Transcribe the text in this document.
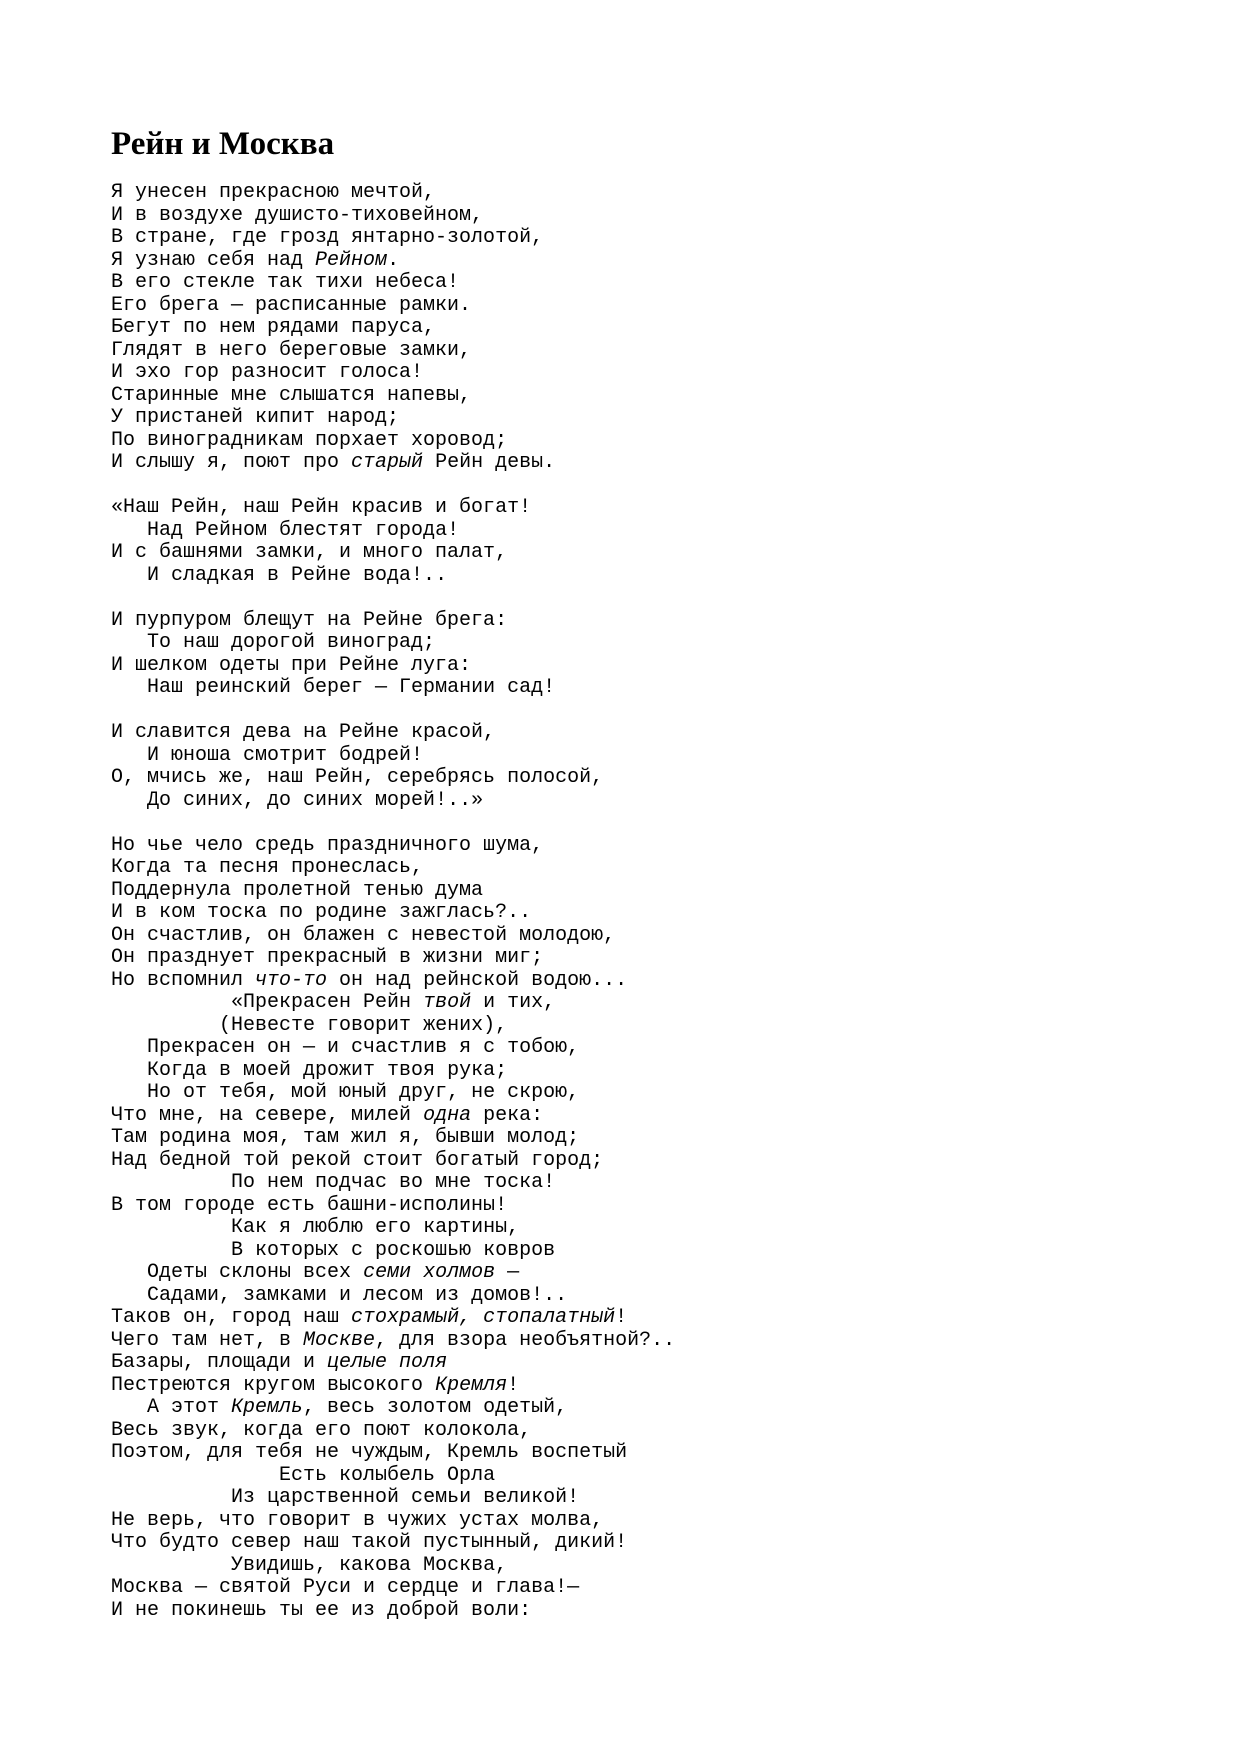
Рейн и Москва
Я унесен прекрасною мечтой,
И в воздухе душисто-тиховейном,
В стране, где грозд янтарно-золотой,
Я узнаю себя над Рейном.
В его стекле так тихи небеса!
Его брега — расписанные рамки.
Бегут по нем рядами паруса,
Глядят в него береговые замки,
И эхо гор разносит голоса!
Старинные мне слышатся напевы,
У пристаней кипит народ;
По виноградникам порхает хоровод;
И слышу я, поют про старый Рейн девы.
«Наш Рейн, наш Рейн красив и богат!
Над Рейном блестят города!
И с башнями замки, и много палат,
И сладкая в Рейне вода!..
И пурпуром блещут на Рейне брега:
То наш дорогой виноград;
И шелком одеты при Рейне луга:
Наш реинский берег — Германии сад!
И славится дева на Рейне красой,
И юноша смотрит бодрей!
О, мчись же, наш Рейн, серебрясь полосой,
До синих, до синих морей!..»
Но чье чело средь праздничного шума,
Когда та песня пронеслась,
Поддернула пролетной тенью дума
И в ком тоска по родине зажглась?..
Он счастлив, он блажен с невестой молодою,
Он празднует прекрасный в жизни миг;
Но вспомнил что-то он над рейнской водою...
«Прекрасен Рейн твой и тих,
(Невесте говорит жених),
Прекрасен он — и счастлив я с тобою,
Когда в моей дрожит твоя рука;
Но от тебя, мой юный друг, не скрою,
Что мне, на севере, милей одна река:
Там родина моя, там жил я, бывши молод;
Над бедной той рекой стоит богатый город;
По нем подчас во мне тоска!
В том городе есть башни-исполины!
Как я люблю его картины,
В которых с роскошью ковров
Одеты склоны всех семи холмов —
Садами, замками и лесом из домов!..
Таков он, город наш стохрамый, стопалатный!
Чего там нет, в Москве, для взора необъятной?..
Базары, площади и целые поля
Пестреются кругом высокого Кремля!
А этот Кремль, весь золотом одетый,
Весь звук, когда его поют колокола,
Поэтом, для тебя не чуждым, Кремль воспетый
Есть колыбель Орла
Из царственной семьи великой!
Не верь, что говорит в чужих устах молва,
Что будто север наш такой пустынный, дикий!
Увидишь, какова Москва,
Москва — святой Руси и сердце и глава!—
И не покинешь ты ее из доброй воли:
